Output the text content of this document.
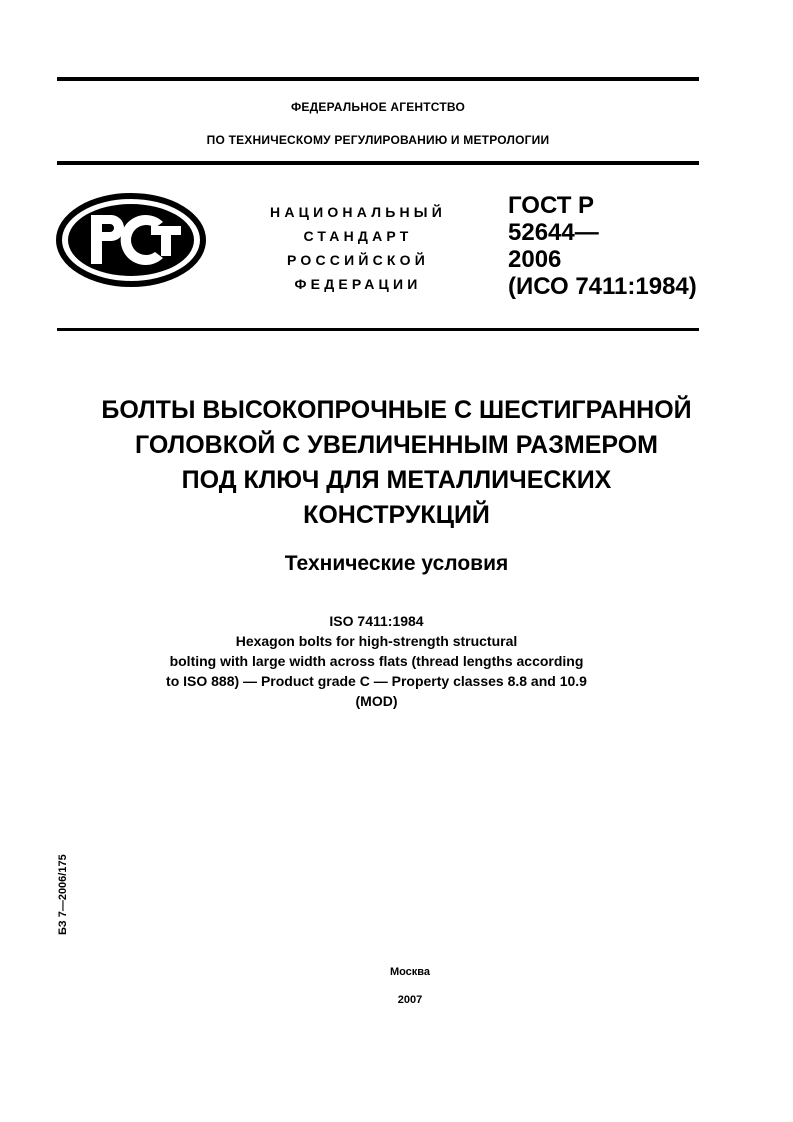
ФЕДЕРАЛЬНОЕ АГЕНТСТВО
ПО ТЕХНИЧЕСКОМУ РЕГУЛИРОВАНИЮ И МЕТРОЛОГИИ
НАЦИОНАЛЬНЫЙ
СТАНДАРТ
РОССИЙСКОЙ
ФЕДЕРАЦИИ
ГОСТ Р
52644—
2006
(ИСО 7411:1984)
БОЛТЫ ВЫСОКОПРОЧНЫЕ С ШЕСТИГРАННОЙ
ГОЛОВКОЙ С УВЕЛИЧЕННЫМ РАЗМЕРОМ
ПОД КЛЮЧ ДЛЯ МЕТАЛЛИЧЕСКИХ
КОНСТРУКЦИЙ
Технические условия
ISO 7411:1984
Hexagon bolts for high-strength structural
bolting with large width across flats (thread lengths according
to ISO 888) — Product grade C — Property classes 8.8 and 10.9
(MOD)
БЗ 7—2006/175
Москва
2007
